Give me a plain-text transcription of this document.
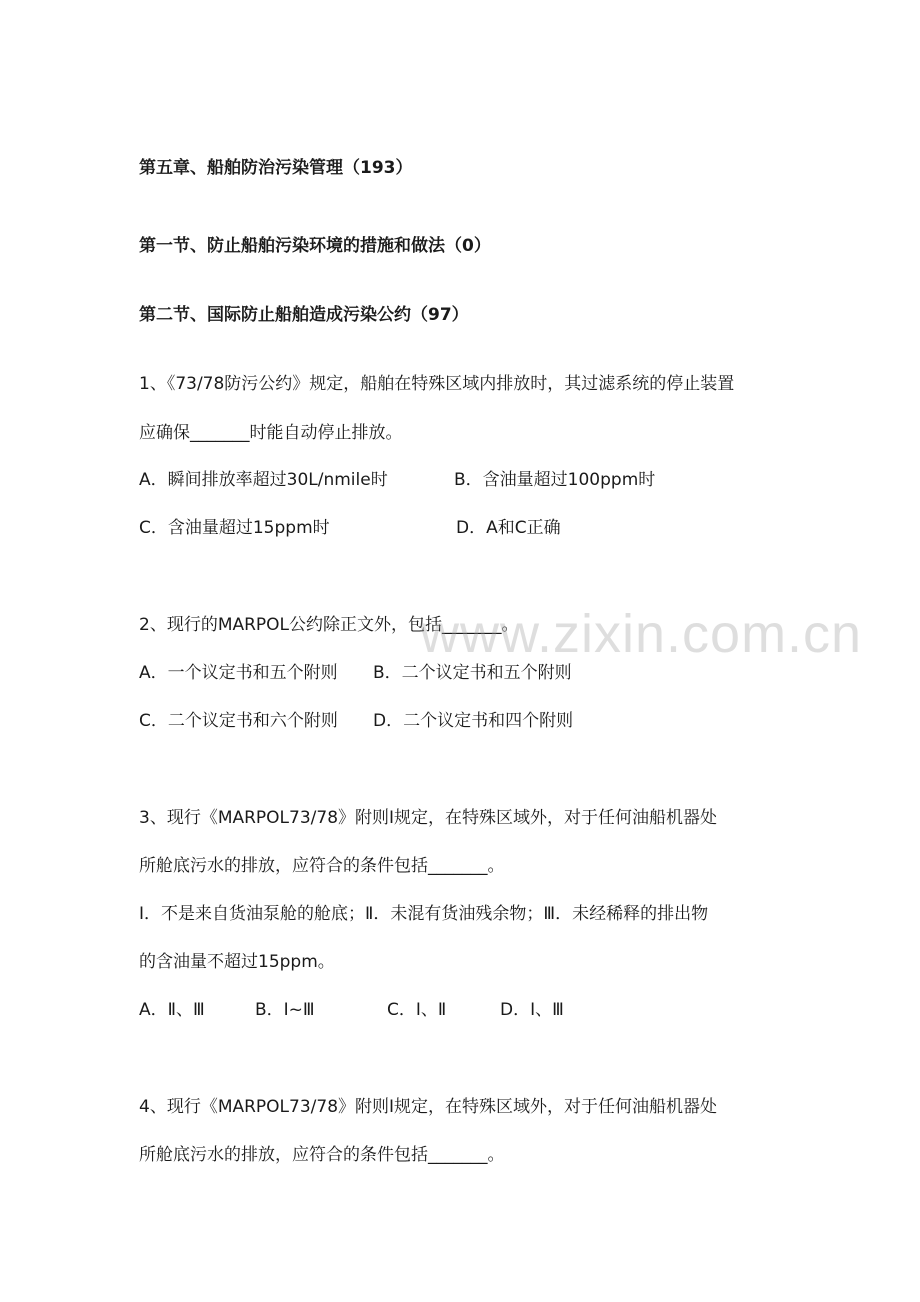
第五章、船舶防治污染管理（193）
第一节、防止船舶污染环境的措施和做法（0）
第二节、国际防止船舶造成污染公约（97）
1、《73/78防污公约》规定，船舶在特殊区域内排放时，其过滤系统的停止装置
应确保_______时能自动停止排放。
A．瞬间排放率超过30L/nmile时	B．含油量超过100ppm时
C．含油量超过15ppm时	D．A和C正确
2、现行的MARPOL公约除正文外，包括_______。
A．一个议定书和五个附则 B．二个议定书和五个附则
C．二个议定书和六个附则 D．二个议定书和四个附则
3、现行《MARPOL73/78》附则Ⅰ规定，在特殊区域外，对于任何油船机器处
所舱底污水的排放，应符合的条件包括_______。
Ⅰ．不是来自货油泵舱的舱底；Ⅱ．未混有货油残余物；Ⅲ．未经稀释的排出物
的含油量不超过15ppm。
A．Ⅱ、Ⅲ	B．Ⅰ~Ⅲ	C．Ⅰ、Ⅱ	D．Ⅰ、Ⅲ
4、现行《MARPOL73/78》附则Ⅰ规定，在特殊区域外，对于任何油船机器处
所舱底污水的排放，应符合的条件包括_______。
www.zixin.com.cn
